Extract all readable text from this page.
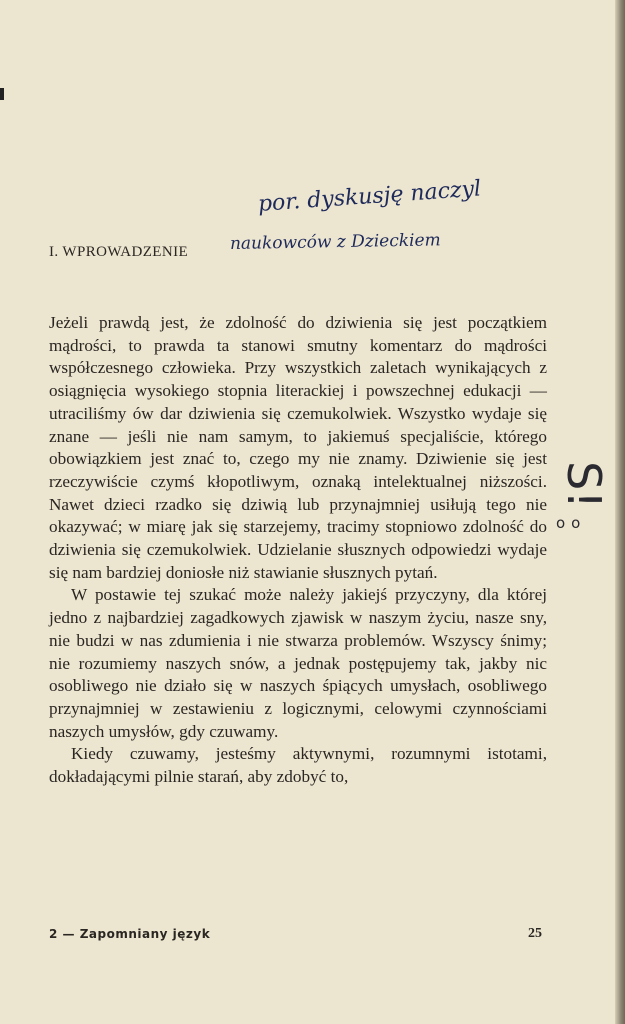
por. dyskusję naczyl
naukowców z Dzieckiem
I. WPROWADZENIE
S!
oo

Jeżeli prawdą jest, że zdolność do dziwienia się jest początkiem mądrości, to prawda ta stanowi smutny komentarz do mądrości współczesnego człowieka. Przy wszystkich zaletach wynikających z osiągnięcia wysokiego stopnia literackiej i powszechnej edukacji — utraciliśmy ów dar dziwienia się czemukolwiek. Wszystko wydaje się znane — jeśli nie nam samym, to jakiemuś specjaliście, którego obowiązkiem jest znać to, czego my nie znamy. Dziwienie się jest rzeczywiście czymś kłopotliwym, oznaką intelektualnej niższości. Nawet dzieci rzadko się dziwią lub przynajmniej usiłują tego nie okazywać; w miarę jak się starzejemy, tracimy stopniowo zdolność do dziwienia się czemukolwiek. Udzielanie słusznych odpowiedzi wydaje się nam bardziej doniosłe niż stawianie słusznych pytań.

W postawie tej szukać może należy jakiejś przyczyny, dla której jedno z najbardziej zagadkowych zjawisk w naszym życiu, nasze sny, nie budzi w nas zdumienia i nie stwarza problemów. Wszyscy śnimy; nie rozumiemy naszych snów, a jednak postępujemy tak, jakby nic osobliwego nie działo się w naszych śpiących umysłach, osobliwego przynajmniej w zestawieniu z logicznymi, celowymi czynnościami naszych umysłów, gdy czuwamy.

Kiedy czuwamy, jesteśmy aktywnymi, rozumnymi istotami, dokładającymi pilnie starań, aby zdobyć to,

2 — Zapomniany język	25
